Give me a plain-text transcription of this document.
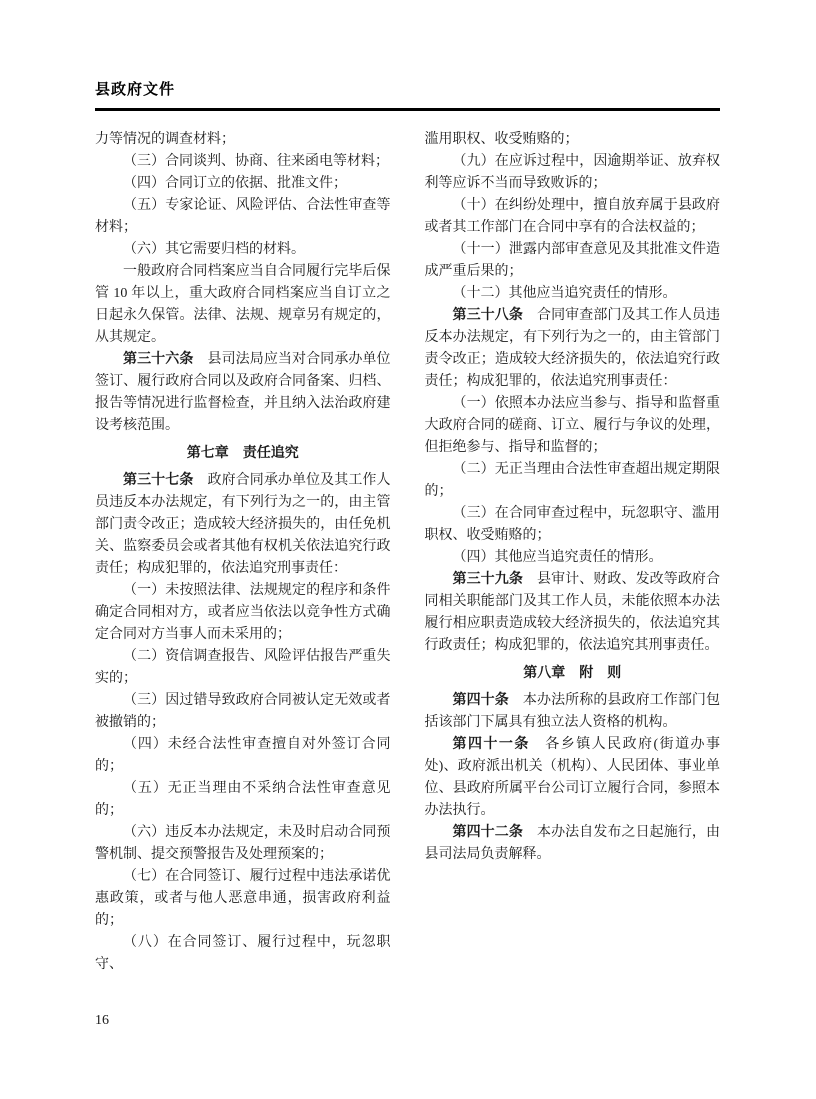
县政府文件

力等情况的调查材料；

（三）合同谈判、协商、往来函电等材料；

（四）合同订立的依据、批准文件；

（五）专家论证、风险评估、合法性审查等材料；

（六）其它需要归档的材料。

一般政府合同档案应当自合同履行完毕后保管 10 年以上，重大政府合同档案应当自订立之日起永久保管。法律、法规、规章另有规定的，从其规定。

第三十六条　县司法局应当对合同承办单位签订、履行政府合同以及政府合同备案、归档、报告等情况进行监督检查，并且纳入法治政府建设考核范围。

第七章　责任追究

第三十七条　政府合同承办单位及其工作人员违反本办法规定，有下列行为之一的，由主管部门责令改正；造成较大经济损失的，由任免机关、监察委员会或者其他有权机关依法追究行政责任；构成犯罪的，依法追究刑事责任：

（一）未按照法律、法规规定的程序和条件确定合同相对方，或者应当依法以竞争性方式确定合同对方当事人而未采用的；

（二）资信调查报告、风险评估报告严重失实的；

（三）因过错导致政府合同被认定无效或者被撤销的；

（四）未经合法性审查擅自对外签订合同的；

（五）无正当理由不采纳合法性审查意见的；

（六）违反本办法规定，未及时启动合同预警机制、提交预警报告及处理预案的；

（七）在合同签订、履行过程中违法承诺优惠政策，或者与他人恶意串通，损害政府利益的；

（八）在合同签订、履行过程中，玩忽职守、

滥用职权、收受贿赂的；

（九）在应诉过程中，因逾期举证、放弃权利等应诉不当而导致败诉的；

（十）在纠纷处理中，擅自放弃属于县政府或者其工作部门在合同中享有的合法权益的；

（十一）泄露内部审查意见及其批准文件造成严重后果的；

（十二）其他应当追究责任的情形。

第三十八条　合同审查部门及其工作人员违反本办法规定，有下列行为之一的，由主管部门责令改正；造成较大经济损失的，依法追究行政责任；构成犯罪的，依法追究刑事责任：

（一）依照本办法应当参与、指导和监督重大政府合同的磋商、订立、履行与争议的处理，但拒绝参与、指导和监督的；

（二）无正当理由合法性审查超出规定期限的；

（三）在合同审查过程中，玩忽职守、滥用职权、收受贿赂的；

（四）其他应当追究责任的情形。

第三十九条　县审计、财政、发改等政府合同相关职能部门及其工作人员，未能依照本办法履行相应职责造成较大经济损失的，依法追究其行政责任；构成犯罪的，依法追究其刑事责任。

第八章　附　则

第四十条　本办法所称的县政府工作部门包括该部门下属具有独立法人资格的机构。

第四十一条　各乡镇人民政府(街道办事处)、政府派出机关（机构）、人民团体、事业单位、县政府所属平台公司订立履行合同，参照本办法执行。

第四十二条　本办法自发布之日起施行，由县司法局负责解释。

16
